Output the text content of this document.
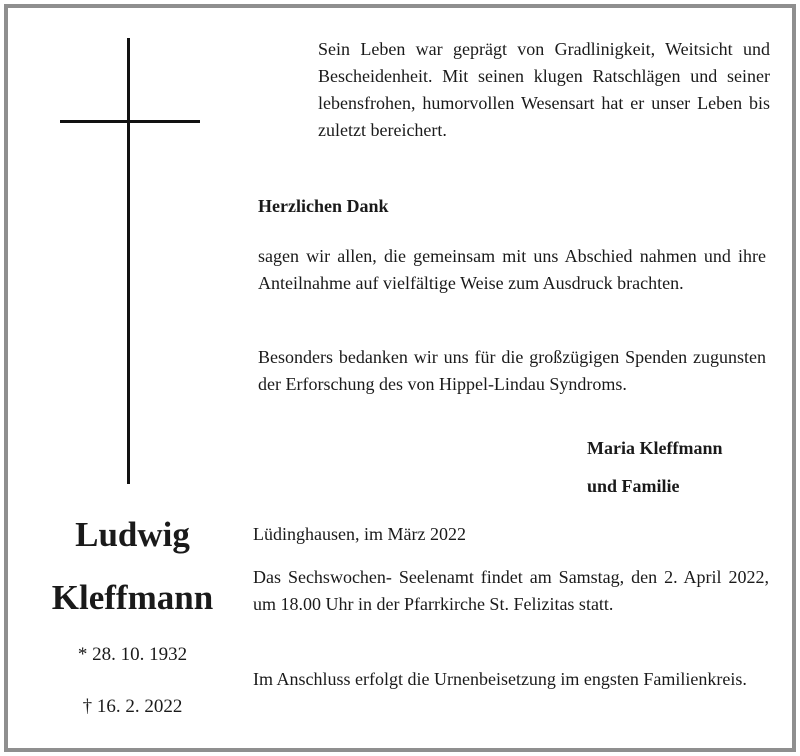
Sein Leben war geprägt von Gradlinigkeit, Weitsicht und Bescheidenheit. Mit seinen klugen Ratschlägen und seiner lebensfrohen, humorvollen Wesensart hat er unser Leben bis zuletzt bereichert.

Herzlichen Dank

sagen wir allen, die gemeinsam mit uns Abschied nahmen und ihre Anteilnahme auf vielfältige Weise zum Ausdruck brachten.

Besonders bedanken wir uns für die großzügigen Spenden zugunsten der Erforschung des von Hippel-Lindau Syndroms.

Maria Kleffmann

und Familie

Lüdinghausen, im März 2022

Das Sechswochen- Seelenamt findet am Samstag, den 2. April 2022, um 18.00 Uhr in der Pfarrkirche St. Felizitas statt.

Im Anschluss erfolgt die Urnenbeisetzung im engsten Familienkreis.

Ludwig

Kleffmann

* 28. 10. 1932

† 16. 2. 2022
